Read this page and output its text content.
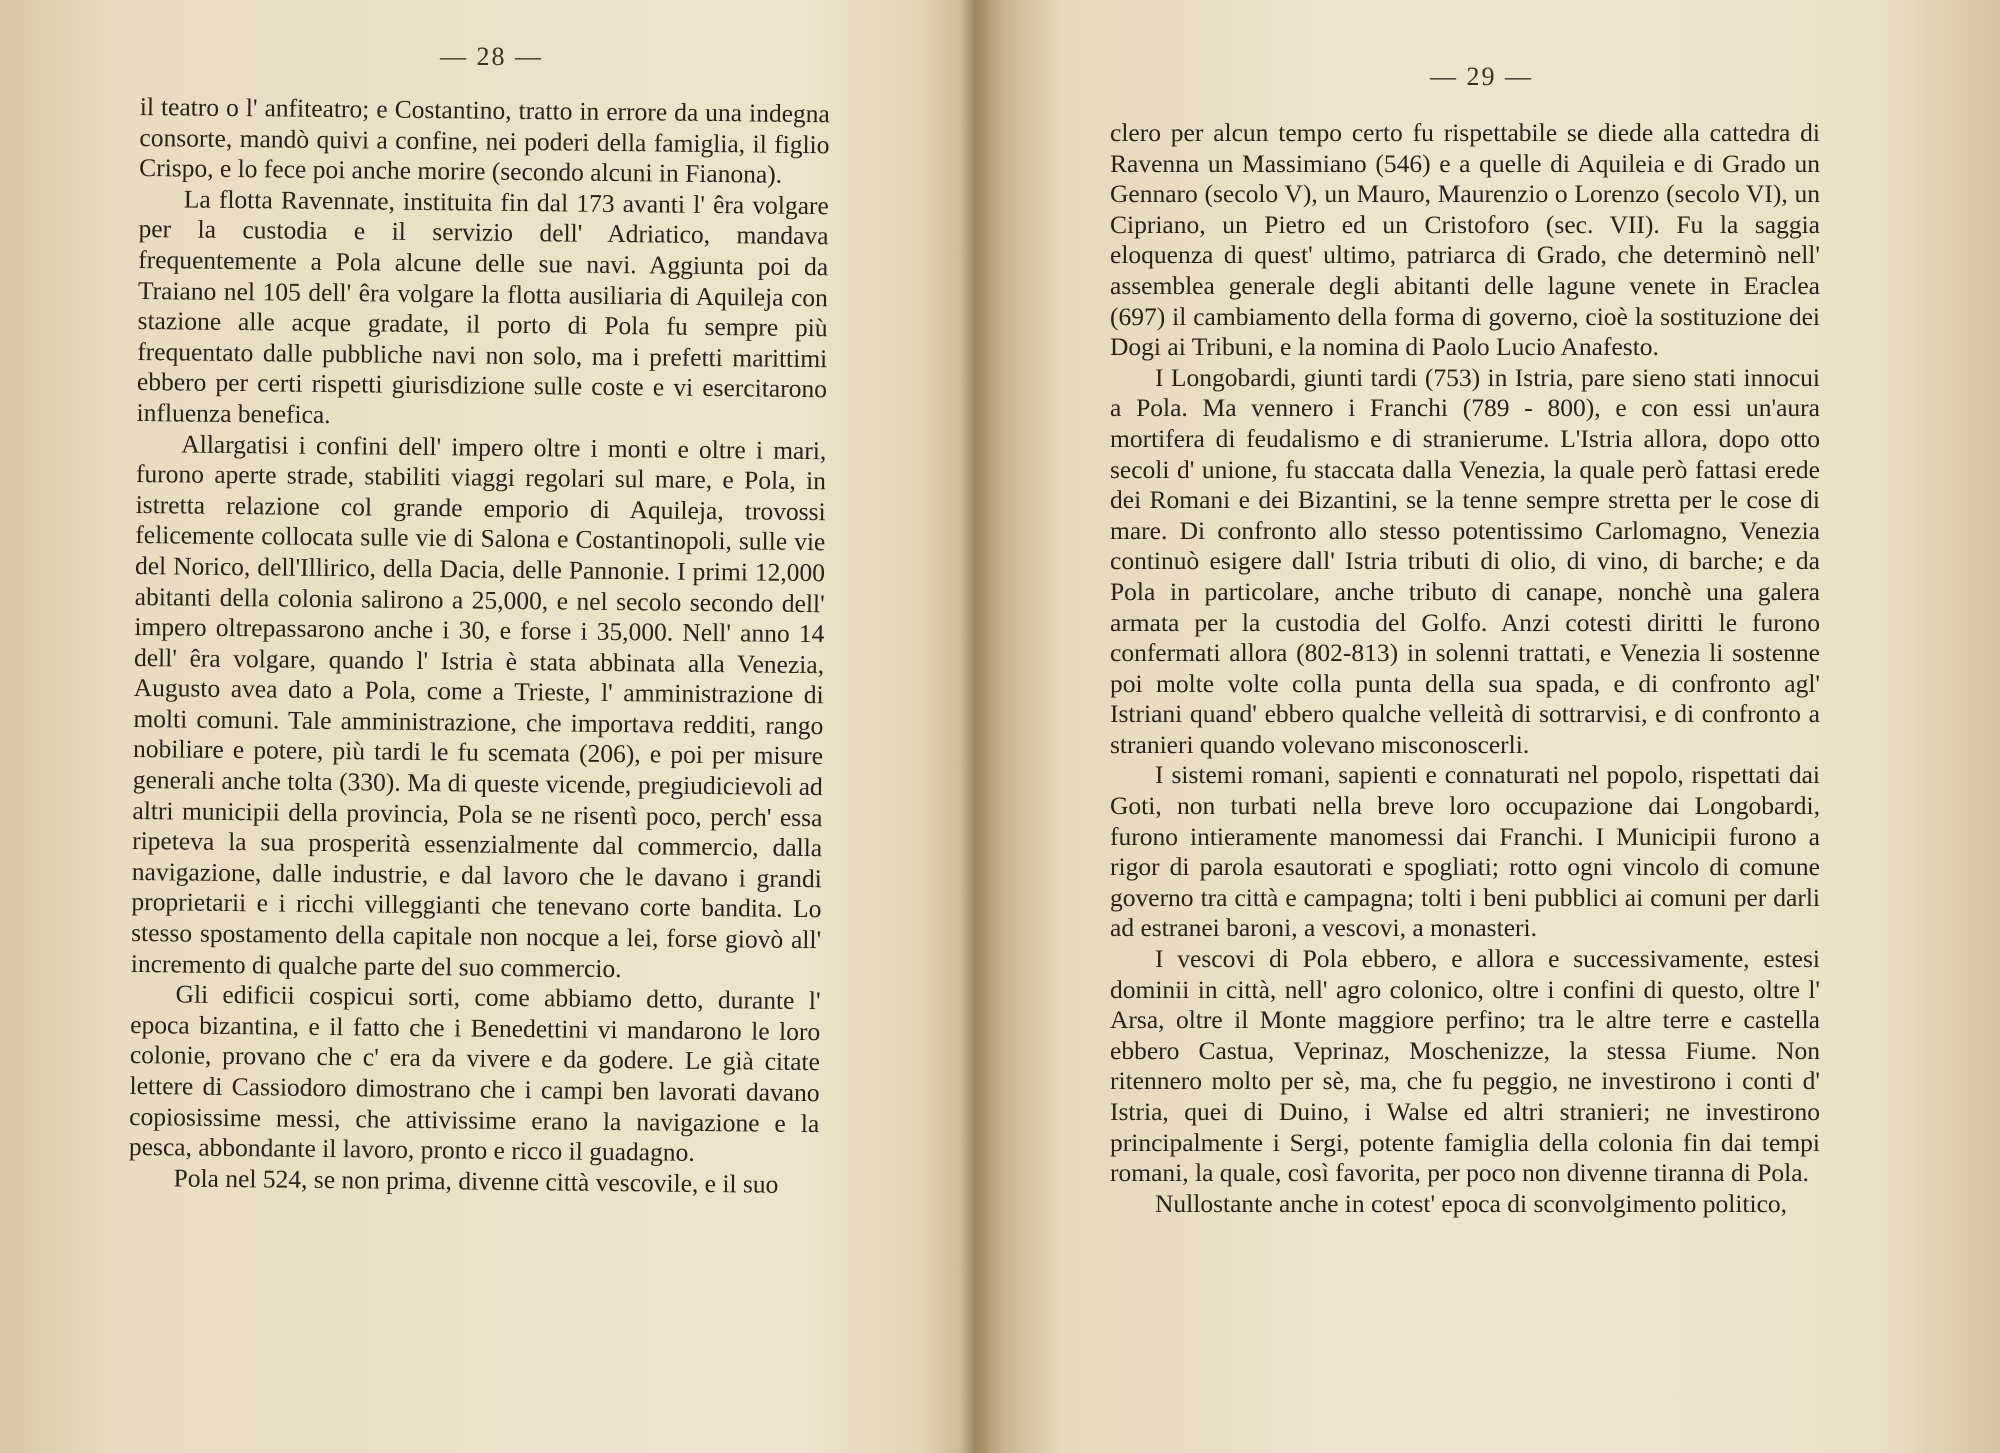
— 28 —

il teatro o l' anfiteatro; e Costantino, tratto in errore da una indegna consorte, mandò quivi a confine, nei poderi della famiglia, il figlio Crispo, e lo fece poi anche morire (secondo alcuni in Fianona).

La flotta Ravennate, instituita fin dal 173 avanti l' êra volgare per la custodia e il servizio dell' Adriatico, mandava frequentemente a Pola alcune delle sue navi. Aggiunta poi da Traiano nel 105 dell' êra volgare la flotta ausiliaria di Aquileja con stazione alle acque gradate, il porto di Pola fu sempre più frequentato dalle pubbliche navi non solo, ma i prefetti marittimi ebbero per certi rispetti giurisdizione sulle coste e vi esercitarono influenza benefica.

Allargatisi i confini dell' impero oltre i monti e oltre i mari, furono aperte strade, stabiliti viaggi regolari sul mare, e Pola, in istretta relazione col grande emporio di Aquileja, trovossi felicemente collocata sulle vie di Salona e Costantinopoli, sulle vie del Norico, dell'Illirico, della Dacia, delle Pannonie. I primi 12,000 abitanti della colonia salirono a 25,000, e nel secolo secondo dell' impero oltrepassarono anche i 30, e forse i 35,000. Nell' anno 14 dell' êra volgare, quando l' Istria è stata abbinata alla Venezia, Augusto avea dato a Pola, come a Trieste, l' amministrazione di molti comuni. Tale amministrazione, che importava redditi, rango nobiliare e potere, più tardi le fu scemata (206), e poi per misure generali anche tolta (330). Ma di queste vicende, pregiudicievoli ad altri municipii della provincia, Pola se ne risentì poco, perch' essa ripeteva la sua prosperità essenzialmente dal commercio, dalla navigazione, dalle industrie, e dal lavoro che le davano i grandi proprietarii e i ricchi villeggianti che tenevano corte bandita. Lo stesso spostamento della capitale non nocque a lei, forse giovò all' incremento di qualche parte del suo commercio.

Gli edificii cospicui sorti, come abbiamo detto, durante l' epoca bizantina, e il fatto che i Benedettini vi mandarono le loro colonie, provano che c' era da vivere e da godere. Le già citate lettere di Cassiodoro dimostrano che i campi ben lavorati davano copiosissime messi, che attivissime erano la navigazione e la pesca, abbondante il lavoro, pronto e ricco il guadagno.

Pola nel 524, se non prima, divenne città vescovile, e il suo

— 29 —

clero per alcun tempo certo fu rispettabile se diede alla cattedra di Ravenna un Massimiano (546) e a quelle di Aquileia e di Grado un Gennaro (secolo V), un Mauro, Maurenzio o Lorenzo (secolo VI), un Cipriano, un Pietro ed un Cristoforo (sec. VII). Fu la saggia eloquenza di quest' ultimo, patriarca di Grado, che determinò nell' assemblea generale degli abitanti delle lagune venete in Eraclea (697) il cambiamento della forma di governo, cioè la sostituzione dei Dogi ai Tribuni, e la nomina di Paolo Lucio Anafesto.

I Longobardi, giunti tardi (753) in Istria, pare sieno stati innocui a Pola. Ma vennero i Franchi (789 - 800), e con essi un'aura mortifera di feudalismo e di stranierume. L'Istria allora, dopo otto secoli d' unione, fu staccata dalla Venezia, la quale però fattasi erede dei Romani e dei Bizantini, se la tenne sempre stretta per le cose di mare. Di confronto allo stesso potentissimo Carlomagno, Venezia continuò esigere dall' Istria tributi di olio, di vino, di barche; e da Pola in particolare, anche tributo di canape, nonchè una galera armata per la custodia del Golfo. Anzi cotesti diritti le furono confermati allora (802-813) in solenni trattati, e Venezia li sostenne poi molte volte colla punta della sua spada, e di confronto agl' Istriani quand' ebbero qualche velleità di sottrarvisi, e di confronto a stranieri quando volevano misconoscerli.

I sistemi romani, sapienti e connaturati nel popolo, rispettati dai Goti, non turbati nella breve loro occupazione dai Longobardi, furono intieramente manomessi dai Franchi. I Municipii furono a rigor di parola esautorati e spogliati; rotto ogni vincolo di comune governo tra città e campagna; tolti i beni pubblici ai comuni per darli ad estranei baroni, a vescovi, a monasteri.

I vescovi di Pola ebbero, e allora e successivamente, estesi dominii in città, nell' agro colonico, oltre i confini di questo, oltre l' Arsa, oltre il Monte maggiore perfino; tra le altre terre e castella ebbero Castua, Veprinaz, Moschenizze, la stessa Fiume. Non ritennero molto per sè, ma, che fu peggio, ne investirono i conti d' Istria, quei di Duino, i Walse ed altri stranieri; ne investirono principalmente i Sergi, potente famiglia della colonia fin dai tempi romani, la quale, così favorita, per poco non divenne tiranna di Pola.

Nullostante anche in cotest' epoca di sconvolgimento politico,
